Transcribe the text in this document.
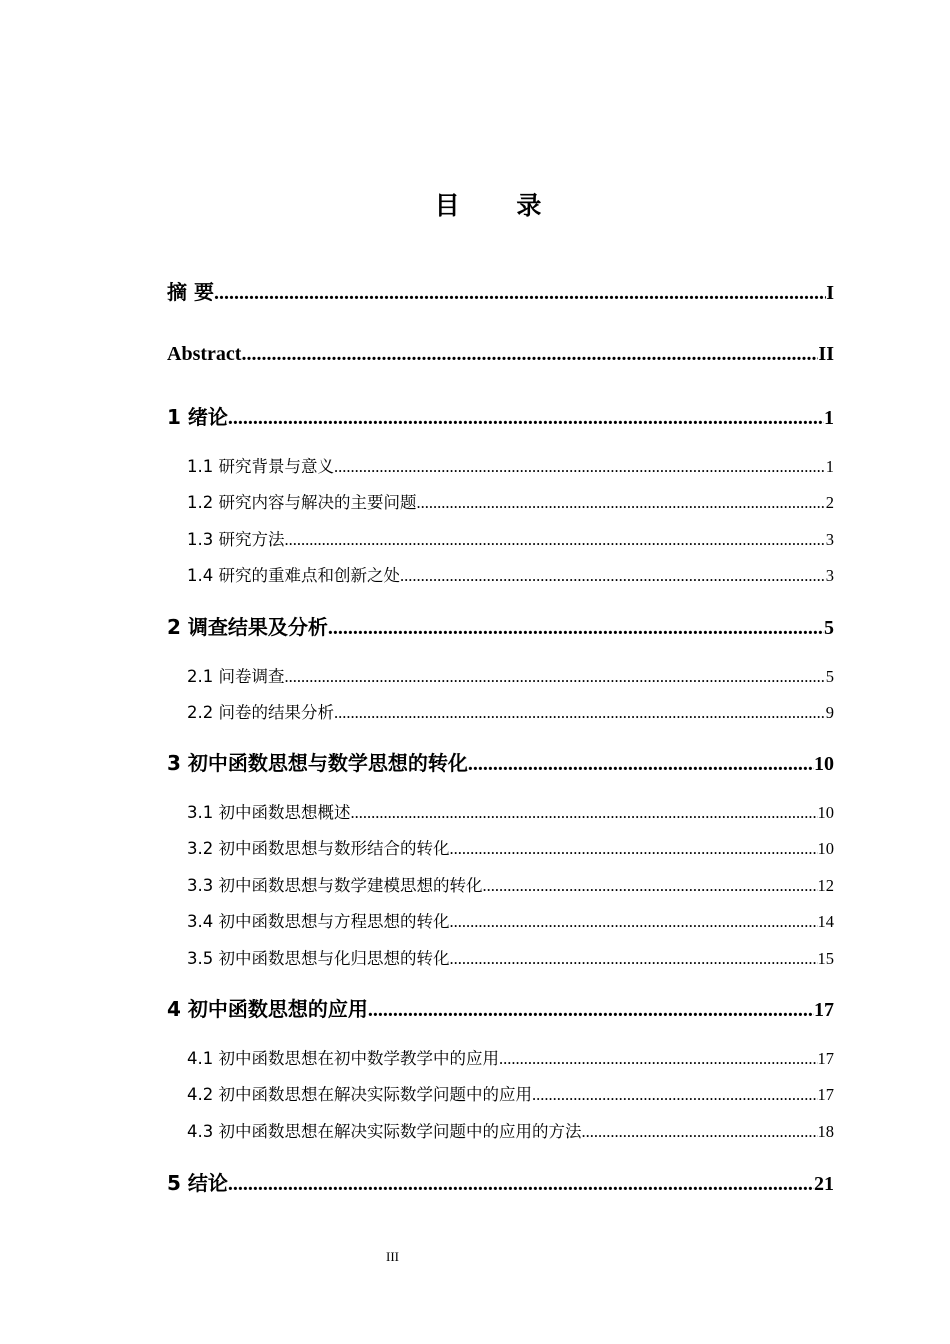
目 录
摘 要 .....	I
Abstract .....	II
1 绪论 .....	1
1.1 研究背景与意义 .....	1
1.2 研究内容与解决的主要问题 .....	2
1.3 研究方法 .....	3
1.4 研究的重难点和创新之处 .....	3
2 调查结果及分析 .....	5
2.1 问卷调查 .....	5
2.2 问卷的结果分析 .....	9
3 初中函数思想与数学思想的转化 .....	10
3.1 初中函数思想概述 .....	10
3.2 初中函数思想与数形结合的转化 .....	10
3.3 初中函数思想与数学建模思想的转化 .....	12
3.4 初中函数思想与方程思想的转化 .....	14
3.5 初中函数思想与化归思想的转化 .....	15
4 初中函数思想的应用 .....	17
4.1 初中函数思想在初中数学教学中的应用 .....	17
4.2 初中函数思想在解决实际数学问题中的应用 .....	17
4.3 初中函数思想在解决实际数学问题中的应用的方法 .....	18
5 结论 .....	21
III
